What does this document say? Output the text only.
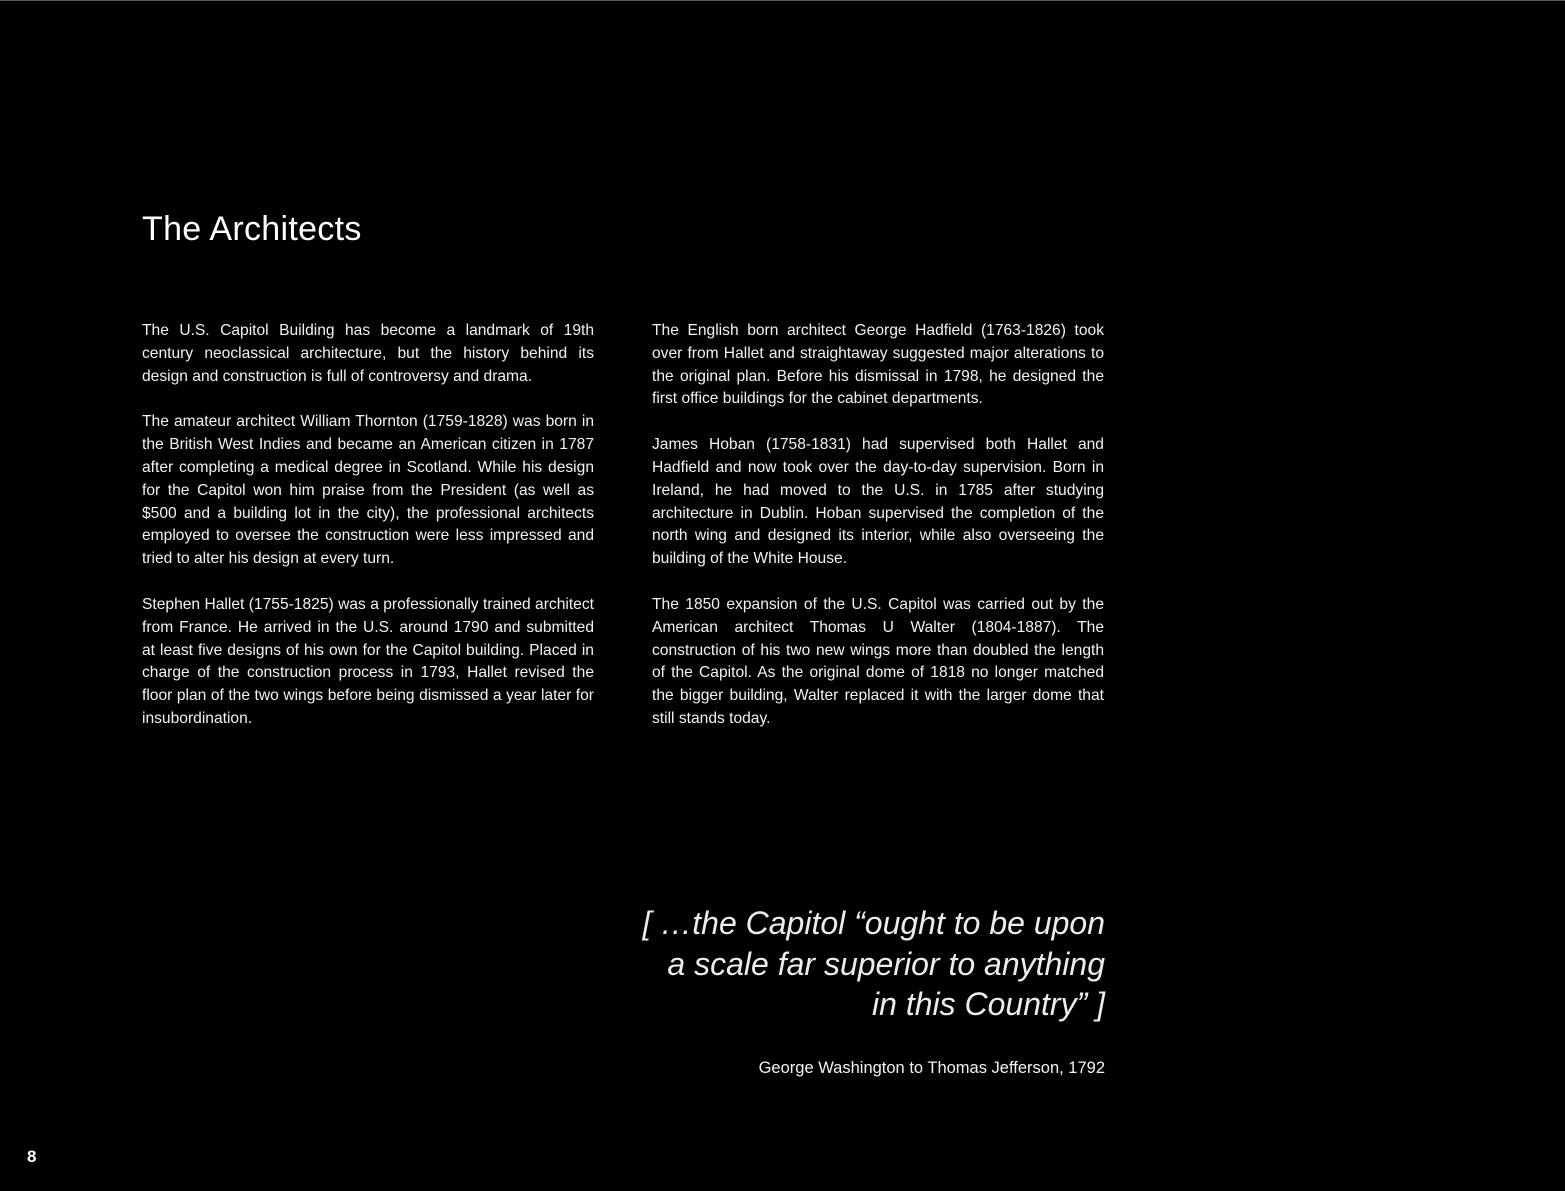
The Architects

The U.S. Capitol Building has become a landmark of 19th century neoclassical architecture, but the history behind its design and construction is full of controversy and drama.

The amateur architect William Thornton (1759-1828) was born in the British West Indies and became an American citizen in 1787 after completing a medical degree in Scotland. While his design for the Capitol won him praise from the President (as well as $500 and a building lot in the city), the professional architects employed to oversee the construction were less impressed and tried to alter his design at every turn.

Stephen Hallet (1755-1825) was a professionally trained architect from France. He arrived in the U.S. around 1790 and submitted at least five designs of his own for the Capitol building. Placed in charge of the construction process in 1793, Hallet revised the floor plan of the two wings before being dismissed a year later for insubordination.

The English born architect George Hadfield (1763-1826) took over from Hallet and straightaway suggested major alterations to the original plan. Before his dismissal in 1798, he designed the first office buildings for the cabinet departments.

James Hoban (1758-1831) had supervised both Hallet and Hadfield and now took over the day-to-day supervision. Born in Ireland, he had moved to the U.S. in 1785 after studying architecture in Dublin. Hoban supervised the completion of the north wing and designed its interior, while also overseeing the building of the White House.

The 1850 expansion of the U.S. Capitol was carried out by the American architect Thomas U Walter (1804-1887). The construction of his two new wings more than doubled the length of the Capitol. As the original dome of 1818 no longer matched the bigger building, Walter replaced it with the larger dome that still stands today.

[ …the Capitol “ought to be upon
a scale far superior to anything
in this Country” ]

George Washington to Thomas Jefferson, 1792

8
